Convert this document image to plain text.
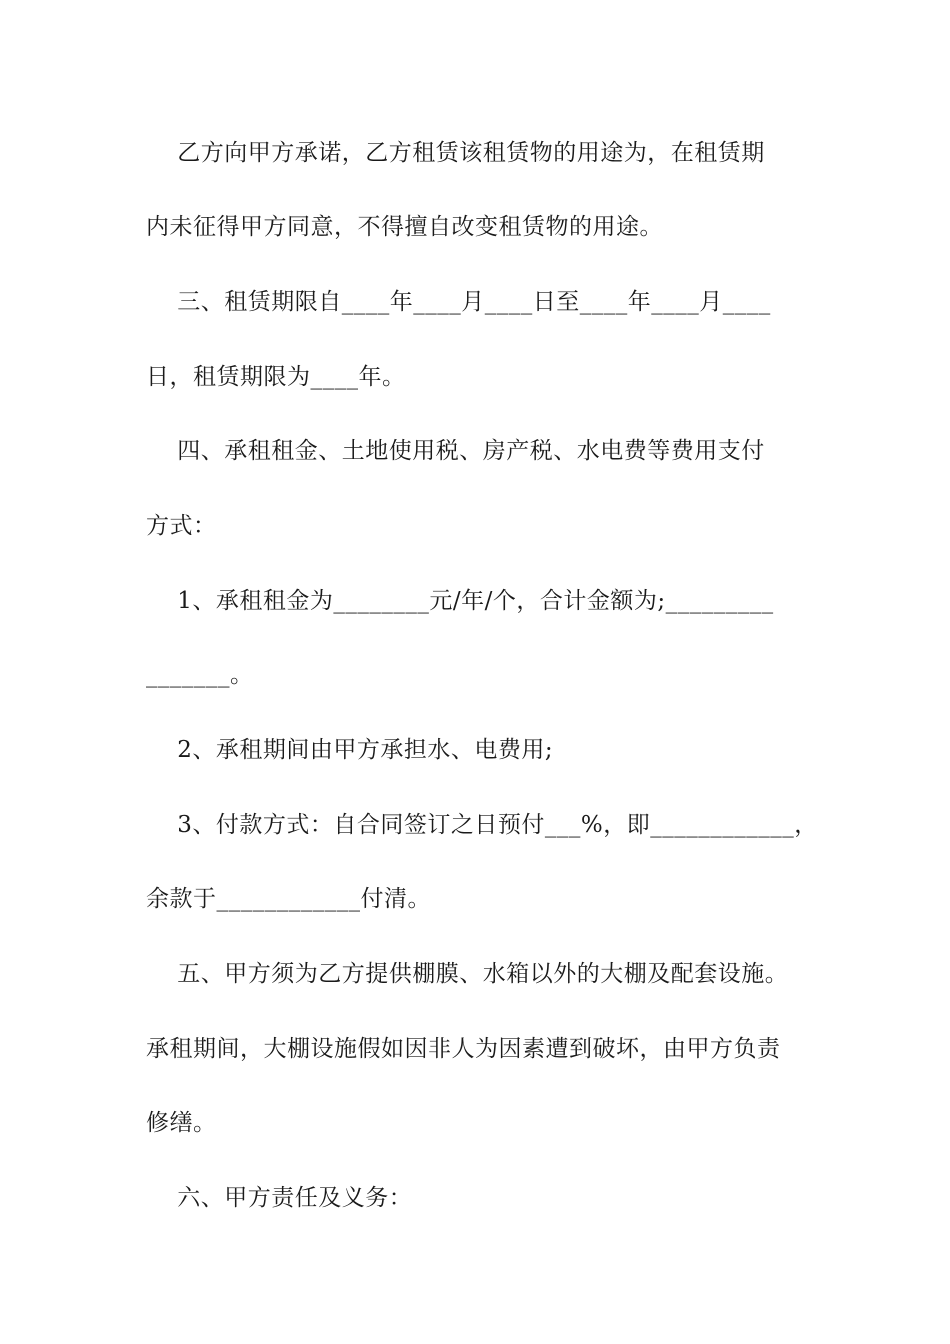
乙方向甲方承诺，乙方租赁该租赁物的用途为，在租赁期
内未征得甲方同意，不得擅自改变租赁物的用途。
三、租赁期限自____年____月____日至____年____月____
日，租赁期限为____年。
四、承租租金、土地使用税、房产税、水电费等费用支付
方式：
1、承租租金为________元/年/个，合计金额为;_________
_______。
2、承租期间由甲方承担水、电费用;
3、付款方式：自合同签订之日预付___%，即____________，
余款于____________付清。
五、甲方须为乙方提供棚膜、水箱以外的大棚及配套设施。
承租期间，大棚设施假如因非人为因素遭到破坏，由甲方负责
修缮。
六、甲方责任及义务：
